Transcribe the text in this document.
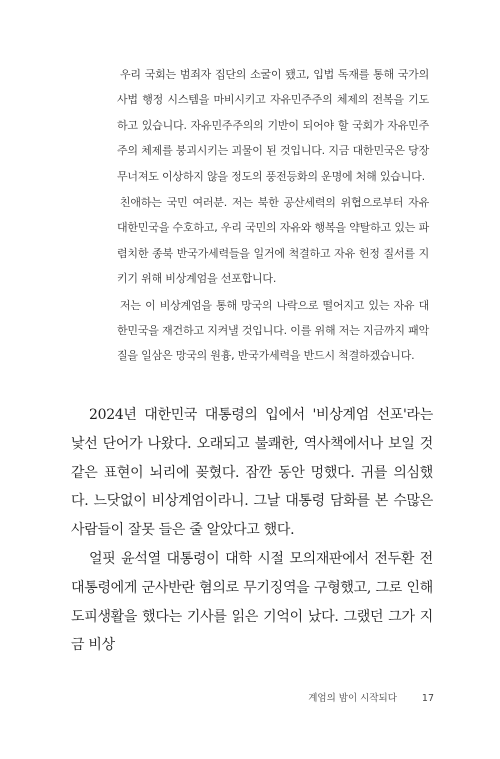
우리 국회는 범죄자 집단의 소굴이 됐고, 입법 독재를 통해 국가의 사법 행정 시스템을 마비시키고 자유민주주의 체제의 전복을 기도하고 있습니다. 자유민주주의의 기반이 되어야 할 국회가 자유민주주의 체제를 붕괴시키는 괴물이 된 것입니다. 지금 대한민국은 당장 무너져도 이상하지 않을 정도의 풍전등화의 운명에 처해 있습니다.

친애하는 국민 여러분. 저는 북한 공산세력의 위협으로부터 자유 대한민국을 수호하고, 우리 국민의 자유와 행복을 약탈하고 있는 파렴치한 종북 반국가세력들을 일거에 척결하고 자유 헌정 질서를 지키기 위해 비상계엄을 선포합니다.

저는 이 비상계엄을 통해 망국의 나락으로 떨어지고 있는 자유 대한민국을 재건하고 지켜낼 것입니다. 이를 위해 저는 지금까지 패악질을 일삼은 망국의 원흉, 반국가세력을 반드시 척결하겠습니다.

2024년 대한민국 대통령의 입에서 '비상계엄 선포'라는 낯선 단어가 나왔다. 오래되고 불쾌한, 역사책에서나 보일 것 같은 표현이 뇌리에 꽂혔다. 잠깐 동안 멍했다. 귀를 의심했다. 느닷없이 비상계엄이라니. 그날 대통령 담화를 본 수많은 사람들이 잘못 들은 줄 알았다고 했다.

얼핏 윤석열 대통령이 대학 시절 모의재판에서 전두환 전 대통령에게 군사반란 혐의로 무기징역을 구형했고, 그로 인해 도피생활을 했다는 기사를 읽은 기억이 났다. 그랬던 그가 지금 비상

계엄의 밤이 시작되다	17
